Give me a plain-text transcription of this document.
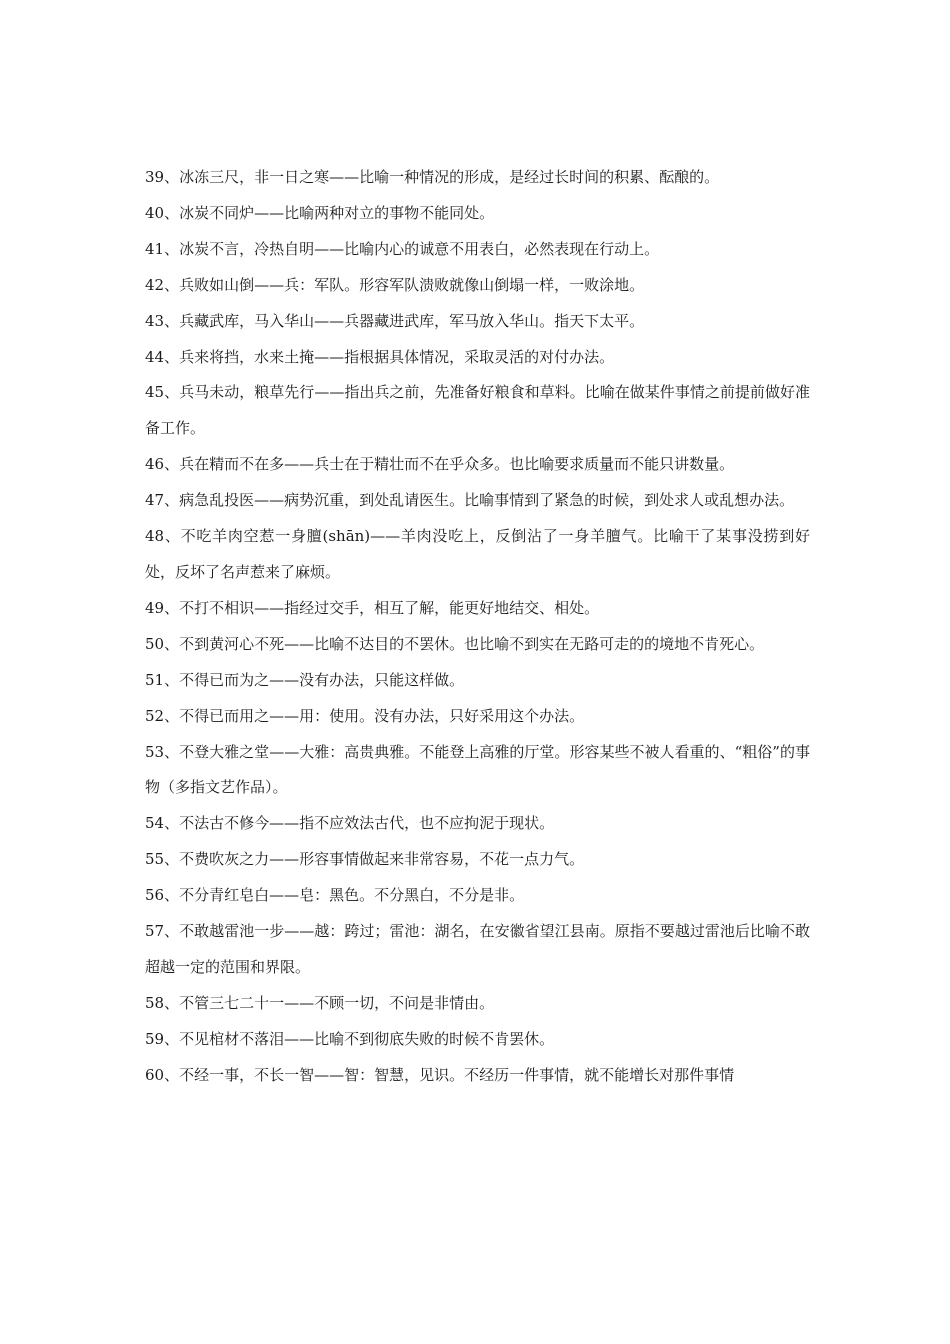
39、冰冻三尺，非一日之寒——比喻一种情况的形成，是经过长时间的积累、酝酿的。

40、冰炭不同炉——比喻两种对立的事物不能同处。

41、冰炭不言，冷热自明——比喻内心的诚意不用表白，必然表现在行动上。

42、兵败如山倒——兵：军队。形容军队溃败就像山倒塌一样，一败涂地。

43、兵藏武库，马入华山——兵器藏进武库，军马放入华山。指天下太平。

44、兵来将挡，水来土掩——指根据具体情况，采取灵活的对付办法。

45、兵马未动，粮草先行——指出兵之前，先准备好粮食和草料。比喻在做某件事情之前提前做好准备工作。

46、兵在精而不在多——兵士在于精壮而不在乎众多。也比喻要求质量而不能只讲数量。

47、病急乱投医——病势沉重，到处乱请医生。比喻事情到了紧急的时候，到处求人或乱想办法。

48、不吃羊肉空惹一身膻(shān)——羊肉没吃上，反倒沾了一身羊膻气。比喻干了某事没捞到好处，反坏了名声惹来了麻烦。

49、不打不相识——指经过交手，相互了解，能更好地结交、相处。

50、不到黄河心不死——比喻不达目的不罢休。也比喻不到实在无路可走的的境地不肯死心。

51、不得已而为之——没有办法，只能这样做。

52、不得已而用之——用：使用。没有办法，只好采用这个办法。

53、不登大雅之堂——大雅：高贵典雅。不能登上高雅的厅堂。形容某些不被人看重的、“粗俗”的事物（多指文艺作品）。

54、不法古不修今——指不应效法古代，也不应拘泥于现状。

55、不费吹灰之力——形容事情做起来非常容易，不花一点力气。

56、不分青红皂白——皂：黑色。不分黑白，不分是非。

57、不敢越雷池一步——越：跨过；雷池：湖名，在安徽省望江县南。原指不要越过雷池后比喻不敢超越一定的范围和界限。

58、不管三七二十一——不顾一切，不问是非情由。

59、不见棺材不落泪——比喻不到彻底失败的时候不肯罢休。

60、不经一事，不长一智——智：智慧，见识。不经历一件事情，就不能增长对那件事情
